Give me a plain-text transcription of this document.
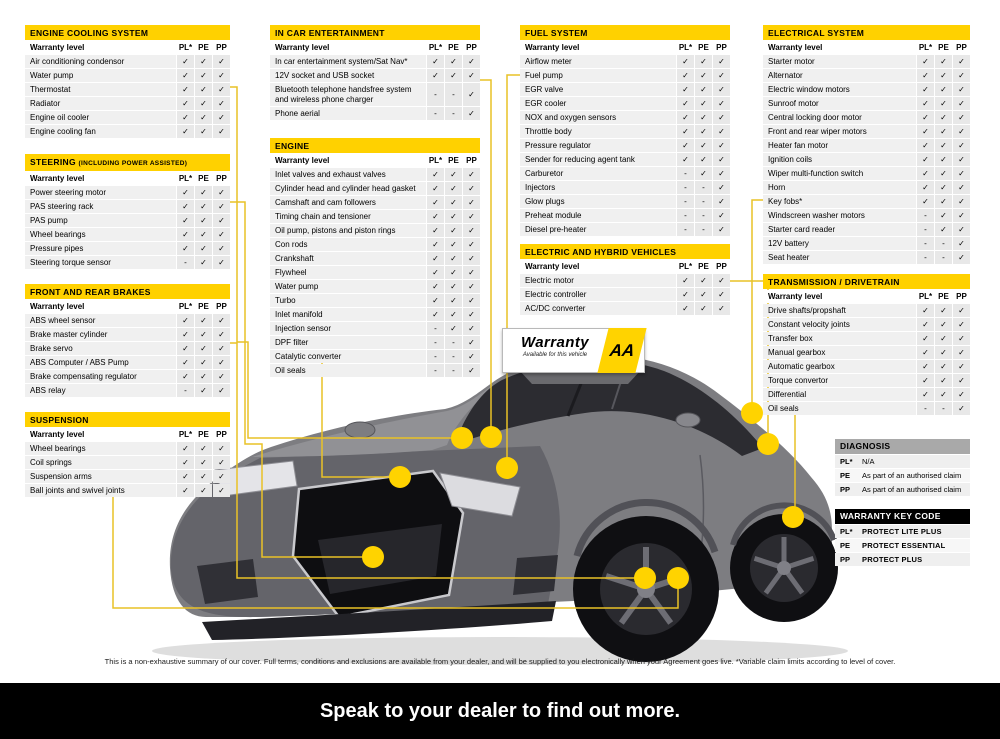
ENGINE COOLING SYSTEM
Warranty level	PL* PE PP
Air conditioning condensor	✓	✓	✓
Water pump	✓	✓	✓
Thermostat	✓	✓	✓
Radiator	✓	✓	✓
Engine oil cooler	✓	✓	✓
Engine cooling fan	✓	✓	✓
STEERING (INCLUDING POWER ASSISTED)
Warranty level	PL* PE PP
Power steering motor	✓	✓	✓
PAS steering rack	✓	✓	✓
PAS pump	✓	✓	✓
Wheel bearings	✓	✓	✓
Pressure pipes	✓	✓	✓
Steering torque sensor	-	✓	✓
FRONT AND REAR BRAKES
Warranty level	PL* PE PP
ABS wheel sensor	✓	✓	✓
Brake master cylinder	✓	✓	✓
Brake servo	✓	✓	✓
ABS Computer / ABS Pump	✓	✓	✓
Brake compensating regulator	✓	✓	✓
ABS relay	-	✓	✓
SUSPENSION
Warranty level	PL* PE PP
Wheel bearings	✓	✓	✓
Coil springs	✓	✓	✓
Suspension arms	✓	✓	✓
Ball joints and swivel joints	✓	✓	✓
IN CAR ENTERTAINMENT
Warranty level	PL* PE PP
In car entertainment system/Sat Nav*	✓	✓	✓
12V socket and USB socket	✓	✓	✓
Bluetooth telephone handsfree system and wireless phone charger
-	-	✓
Phone aerial	-	-	✓
ENGINE
Warranty level	PL* PE PP
Inlet valves and exhaust valves	✓	✓	✓
Cylinder head and cylinder head gasket	✓	✓	✓
Camshaft and cam followers	✓	✓	✓
Timing chain and tensioner	✓	✓	✓
Oil pump, pistons and piston rings	✓	✓	✓
Con rods	✓	✓	✓
Crankshaft	✓	✓	✓
Flywheel	✓	✓	✓
Water pump	✓	✓	✓
Turbo	✓	✓	✓
Inlet manifold	✓	✓	✓
Injection sensor	-	✓	✓
DPF filter	-	-	✓
Catalytic converter	-	-	✓
Oil seals	-	-	✓
FUEL SYSTEM
Warranty level	PL* PE PP
Airflow meter	✓	✓	✓
Fuel pump	✓	✓	✓
EGR valve	✓	✓	✓
EGR cooler	✓	✓	✓
NOX and oxygen sensors	✓	✓	✓
Throttle body	✓	✓	✓
Pressure regulator	✓	✓	✓
Sender for reducing agent tank	✓	✓	✓
Carburetor	-	✓	✓
Injectors	-	-	✓
Glow plugs	-	-	✓
Preheat module	-	-	✓
Diesel pre-heater	-	-	✓
ELECTRIC AND HYBRID VEHICLES
Warranty level	PL* PE PP
Electric motor	✓	✓	✓
Electric controller	✓	✓	✓
AC/DC converter	✓	✓	✓
ELECTRICAL SYSTEM
Warranty level	PL* PE PP
Starter motor	✓	✓	✓
Alternator	✓	✓	✓
Electric window motors	✓	✓	✓
Sunroof motor	✓	✓	✓
Central locking door motor	✓	✓	✓
Front and rear wiper motors	✓	✓	✓
Heater fan motor	✓	✓	✓
Ignition coils	✓	✓	✓
Wiper multi-function switch	✓	✓	✓
Horn	✓	✓	✓
Key fobs*	✓	✓	✓
Windscreen washer motors	-	✓	✓
Starter card reader	-	✓	✓
12V battery	-	-	✓
Seat heater	-	-	✓
TRANSMISSION / DRIVETRAIN
Warranty level	PL* PE PP
Drive shafts/propshaft	✓	✓	✓
Constant velocity joints	✓	✓	✓
Transfer box	✓	✓	✓
Manual gearbox	✓	✓	✓
Automatic gearbox	✓	✓	✓
Torque convertor	✓	✓	✓
Differential	✓	✓	✓
Oil seals	-	-	✓
DIAGNOSIS
PL*	N/A
PE	As part of an authorised claim
PP	As part of an authorised claim
WARRANTY KEY CODE
PL*	PROTECT LITE PLUS
PE	PROTECT ESSENTIAL
PP	PROTECT PLUS
Warranty
Available for this vehicle	AA
This is a non-exhaustive summary of our cover. Full terms, conditions and exclusions are available from your dealer, and will be supplied to you electronically when your Agreement goes live. *Variable claim limits according to level of cover.
Speak to your dealer to find out more.
